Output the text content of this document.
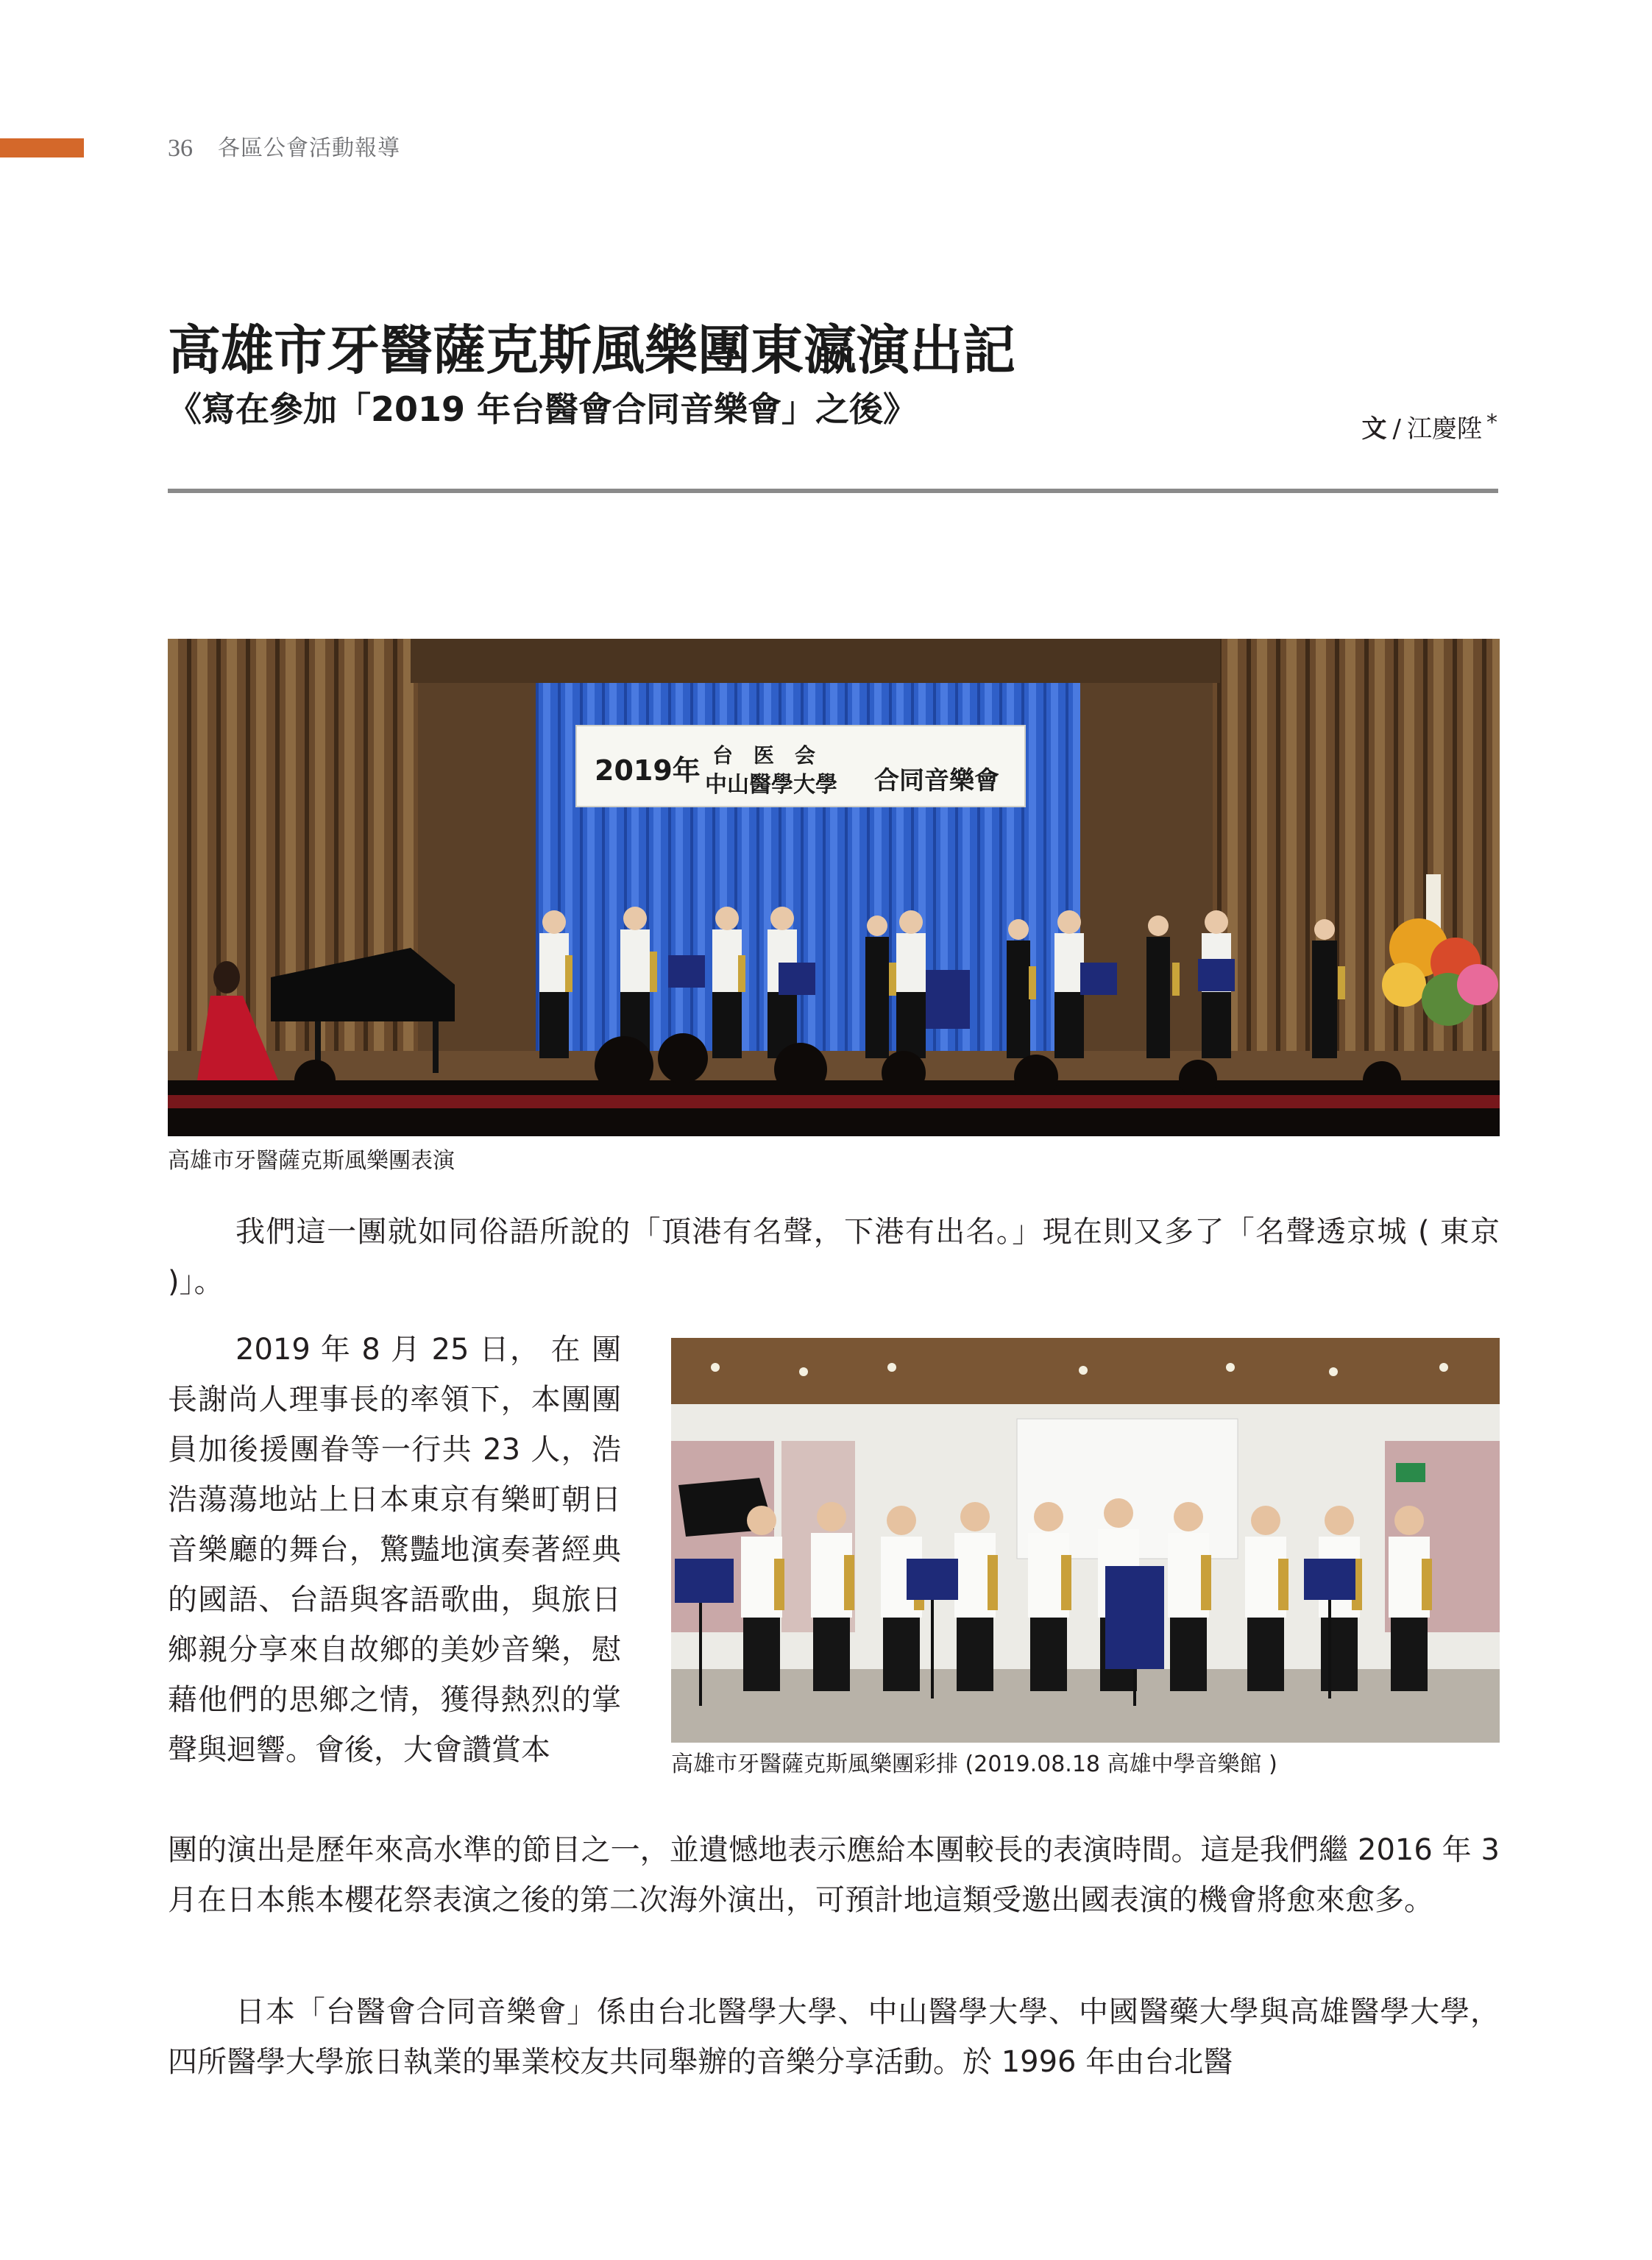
36 各區公會活動報導
高雄市牙醫薩克斯風樂團東瀛演出記
《寫在參加「2019 年台醫會合同音樂會」之後》	文 / 江慶陞 *
2019年 台　医　会
中山醫學大學 合同音樂會
高雄市牙醫薩克斯風樂團表演
我們這一團就如同俗語所說的「頂港有名聲，下港有出名。」現在則又多了「名聲透京城 ( 東京 )」。
2019 年 8 月 25 日， 在 團長謝尚人理事長的率領下，本團團員加後援團眷等一行共 23 人，浩浩蕩蕩地站上日本東京有樂町朝日音樂廳的舞台，驚豔地演奏著經典的國語、台語與客語歌曲，與旅日鄉親分享來自故鄉的美妙音樂，慰藉他們的思鄉之情，獲得熱烈的掌聲與迴響。會後，大會讚賞本	高雄市牙醫薩克斯風樂團彩排 (2019.08.18 高雄中學音樂館 )
團的演出是歷年來高水準的節目之一，並遺憾地表示應給本團較長的表演時間。這是我們繼 2016 年 3 月在日本熊本櫻花祭表演之後的第二次海外演出，可預計地這類受邀出國表演的機會將愈來愈多。
日本「台醫會合同音樂會」係由台北醫學大學、中山醫學大學、中國醫藥大學與高雄醫學大學，四所醫學大學旅日執業的畢業校友共同舉辦的音樂分享活動。於 1996 年由台北醫
